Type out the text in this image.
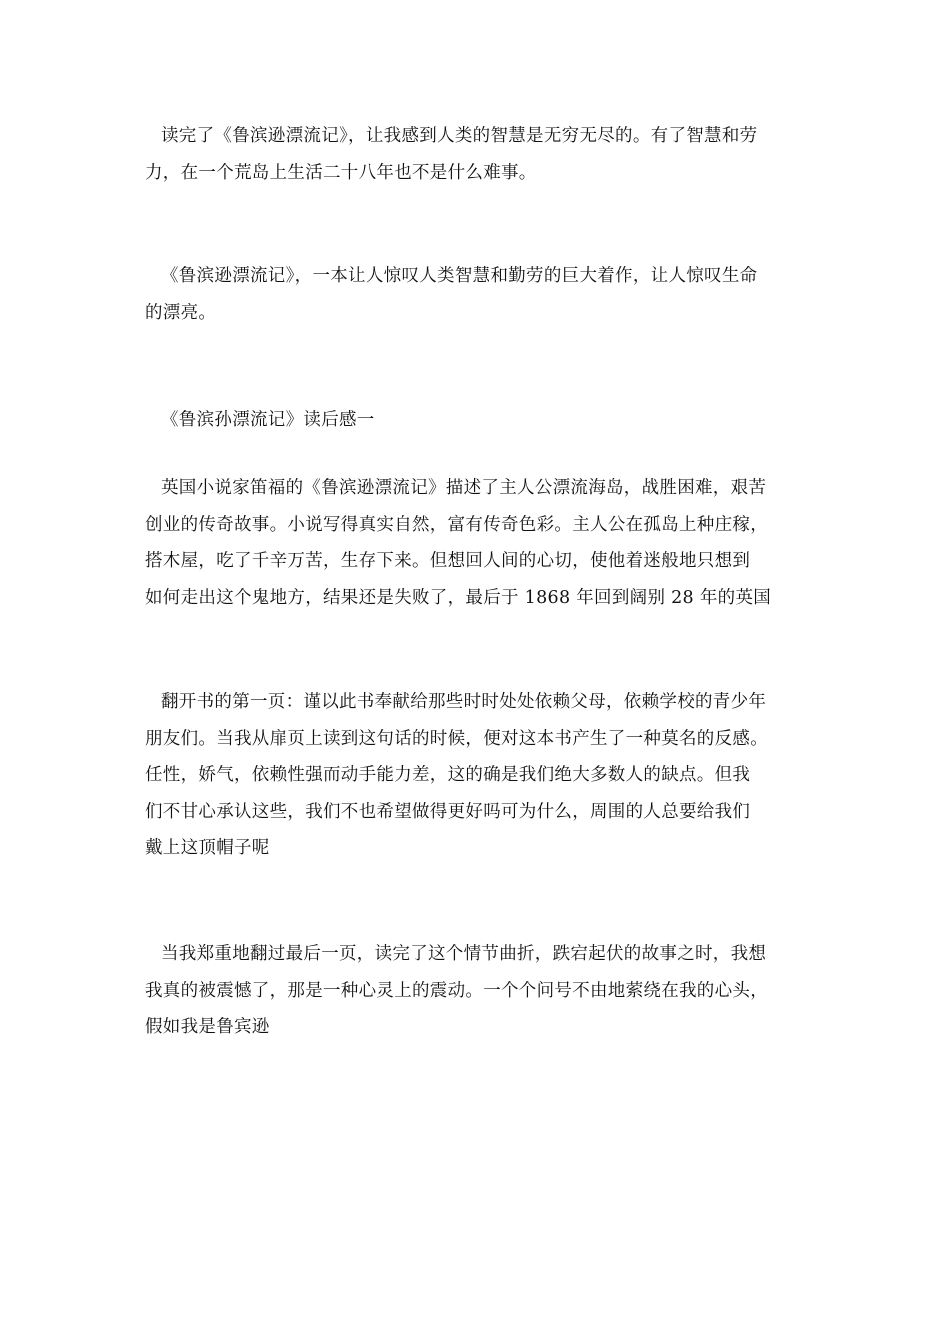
读完了《鲁滨逊漂流记》，让我感到人类的智慧是无穷无尽的。有了智慧和劳
力，在一个荒岛上生活二十八年也不是什么难事。

《鲁滨逊漂流记》，一本让人惊叹人类智慧和勤劳的巨大着作，让人惊叹生命
的漂亮。

《鲁滨孙漂流记》读后感一

英国小说家笛福的《鲁滨逊漂流记》描述了主人公漂流海岛，战胜困难，艰苦
创业的传奇故事。小说写得真实自然，富有传奇色彩。主人公在孤岛上种庄稼，
搭木屋，吃了千辛万苦，生存下来。但想回人间的心切，使他着迷般地只想到
如何走出这个鬼地方，结果还是失败了，最后于 1868 年回到阔别 28 年的英国

翻开书的第一页：谨以此书奉献给那些时时处处依赖父母，依赖学校的青少年
朋友们。当我从扉页上读到这句话的时候，便对这本书产生了一种莫名的反感。
任性，娇气，依赖性强而动手能力差，这的确是我们绝大多数人的缺点。但我
们不甘心承认这些，我们不也希望做得更好吗可为什么，周围的人总要给我们
戴上这顶帽子呢

当我郑重地翻过最后一页，读完了这个情节曲折，跌宕起伏的故事之时，我想
我真的被震憾了，那是一种心灵上的震动。一个个问号不由地萦绕在我的心头，
假如我是鲁宾逊
